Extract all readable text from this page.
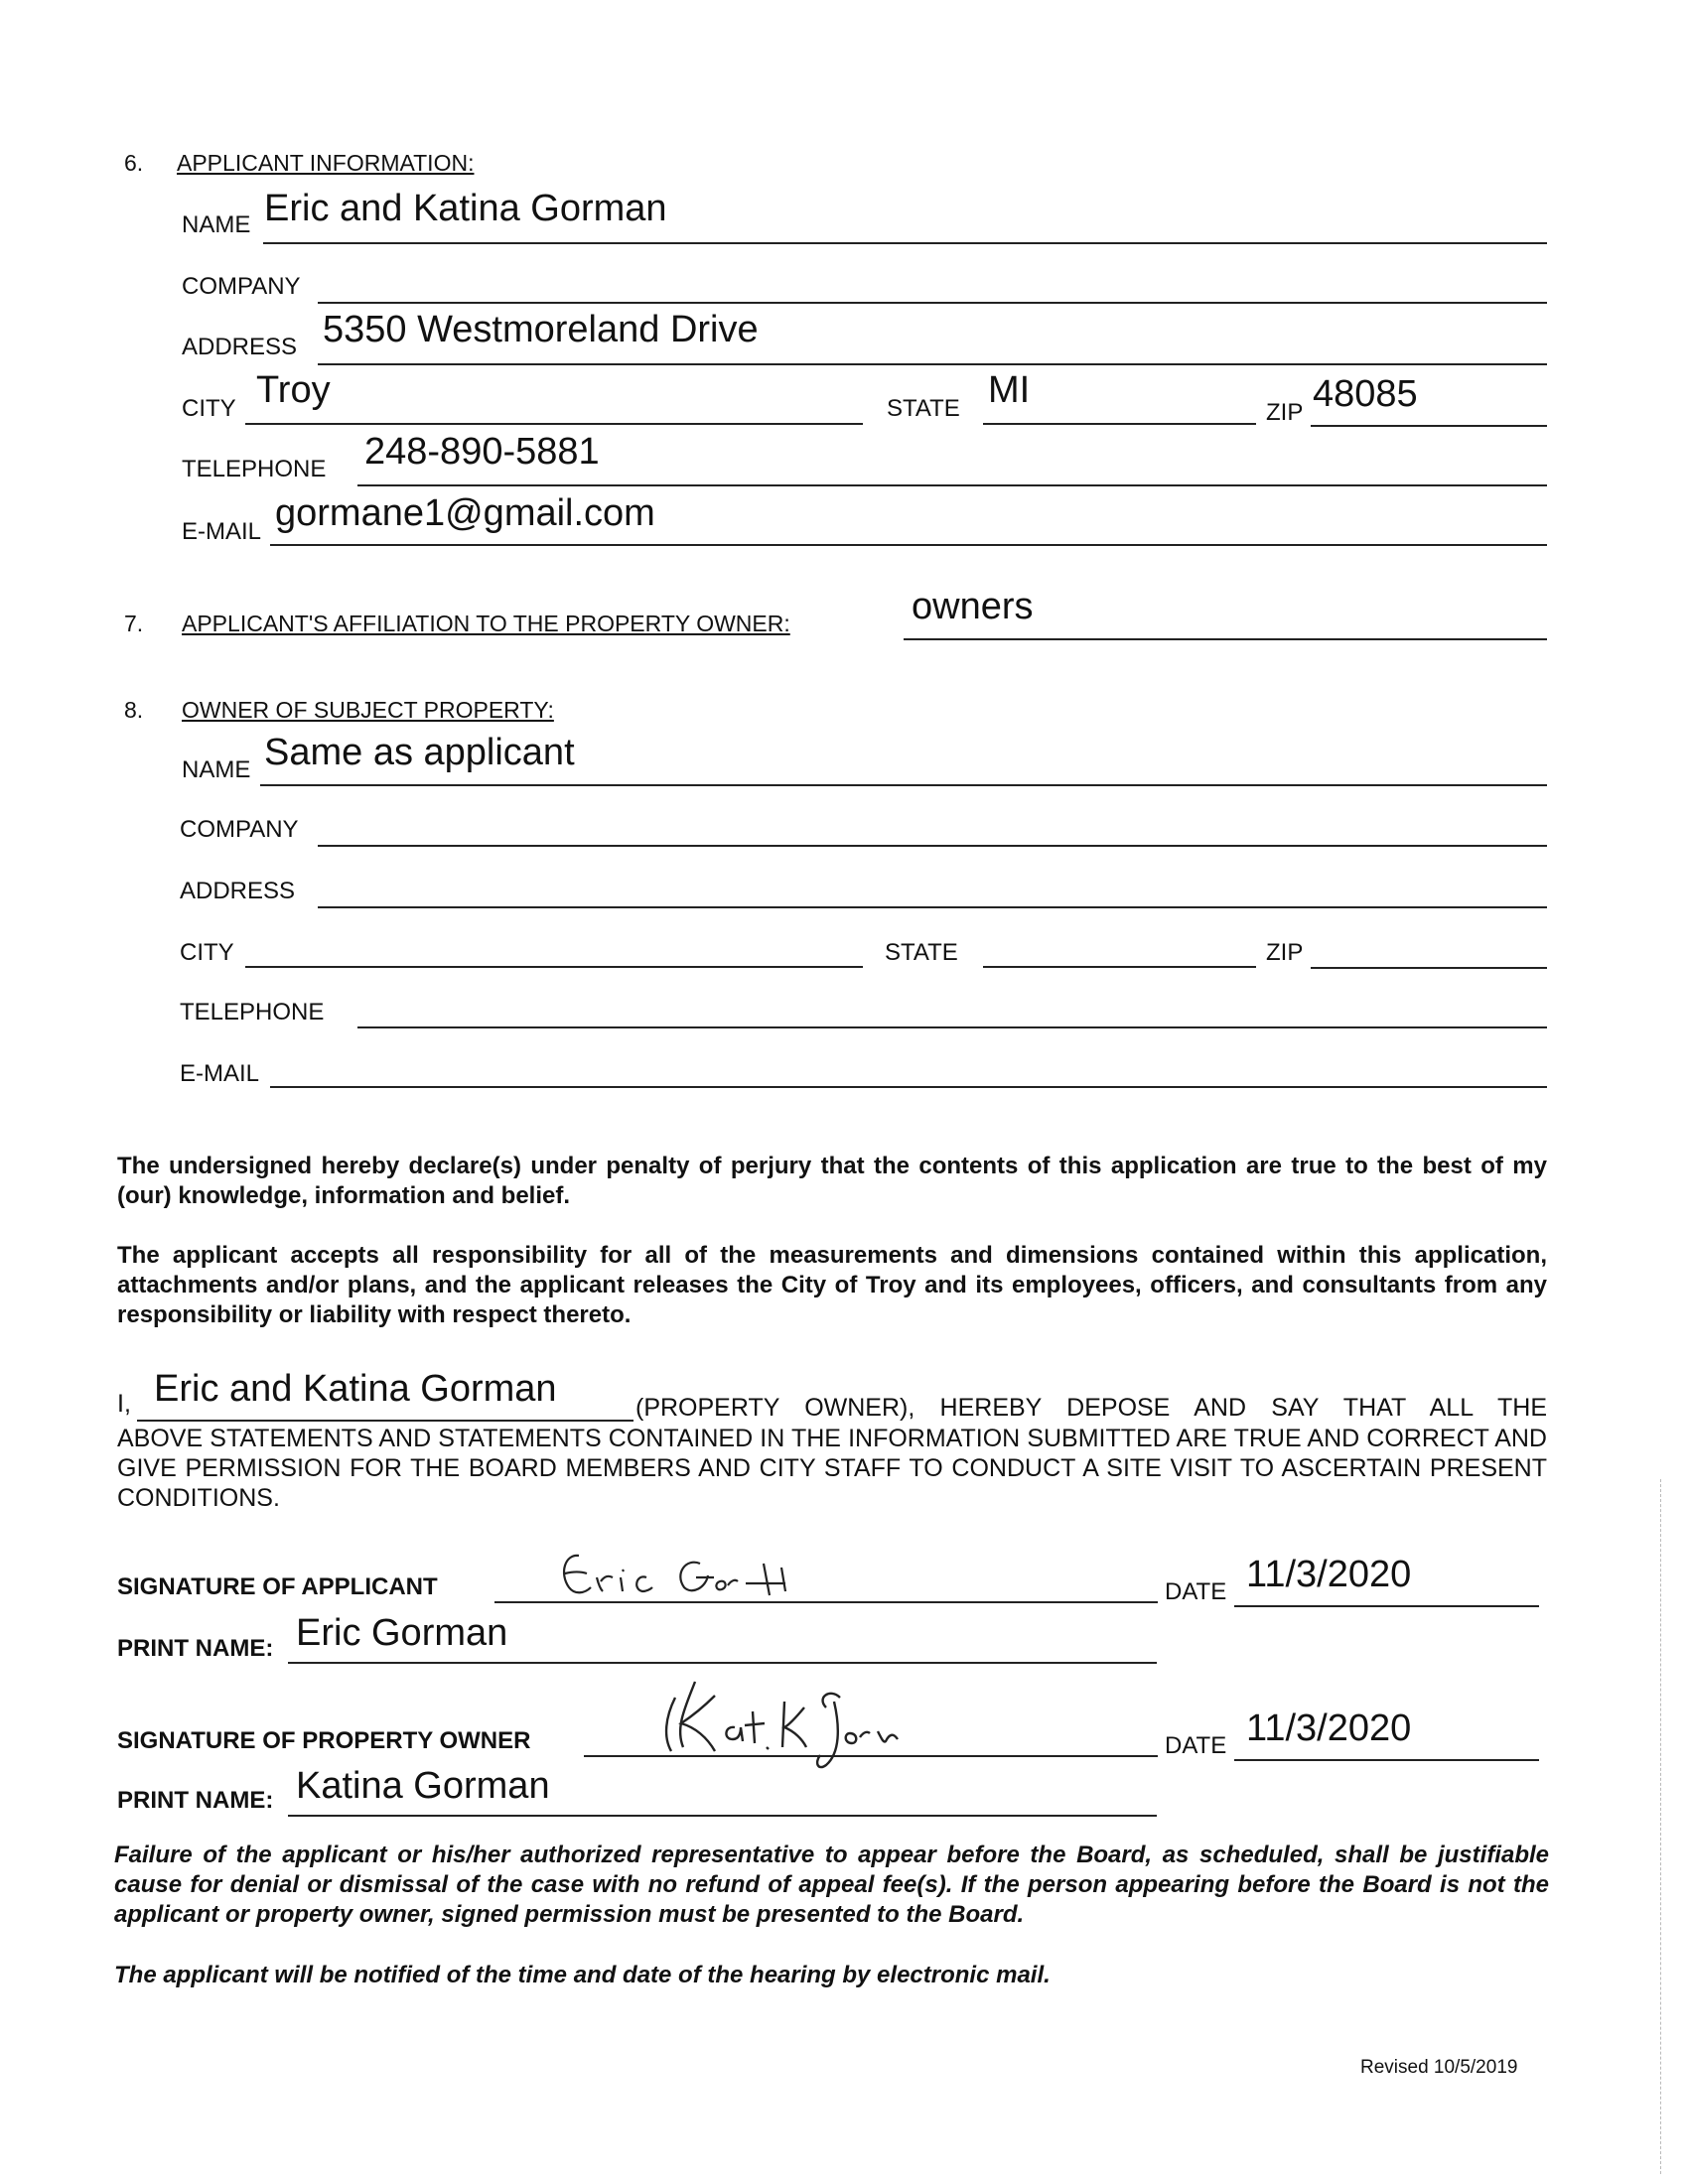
6. APPLICANT INFORMATION:
NAME Eric and Katina Gorman
COMPANY
ADDRESS 5350 Westmoreland Drive
CITY Troy	STATE MI
ZIP 48085
TELEPHONE 248-890-5881
E-MAIL gormane1@gmail.com
7. APPLICANT'S AFFILIATION TO THE PROPERTY OWNER:	owners
8. OWNER OF SUBJECT PROPERTY:
NAME Same as applicant
COMPANY
ADDRESS
CITY	STATE	ZIP
TELEPHONE
E-MAIL
The undersigned hereby declare(s) under penalty of perjury that the contents of this application are true to the best of my (our) knowledge, information and belief.
The applicant accepts all responsibility for all of the measurements and dimensions contained within this application, attachments and/or plans, and the applicant releases the City of Troy and its employees, officers, and consultants from any responsibility or liability with respect thereto.
I, Eric and Katina Gorman	(PROPERTY OWNER), HEREBY DEPOSE AND SAY THAT ALL THE
ABOVE STATEMENTS AND STATEMENTS CONTAINED IN THE INFORMATION SUBMITTED ARE TRUE AND CORRECT AND GIVE PERMISSION FOR THE BOARD MEMBERS AND CITY STAFF TO CONDUCT A SITE VISIT TO ASCERTAIN PRESENT CONDITIONS.
SIGNATURE OF APPLICANT	DATE 11/3/2020
PRINT NAME: Eric Gorman
SIGNATURE OF PROPERTY OWNER	DATE 11/3/2020
PRINT NAME: Katina Gorman
Failure of the applicant or his/her authorized representative to appear before the Board, as scheduled, shall be justifiable cause for denial or dismissal of the case with no refund of appeal fee(s). If the person appearing before the Board is not the applicant or property owner, signed permission must be presented to the Board.
The applicant will be notified of the time and date of the hearing by electronic mail.
Revised 10/5/2019
